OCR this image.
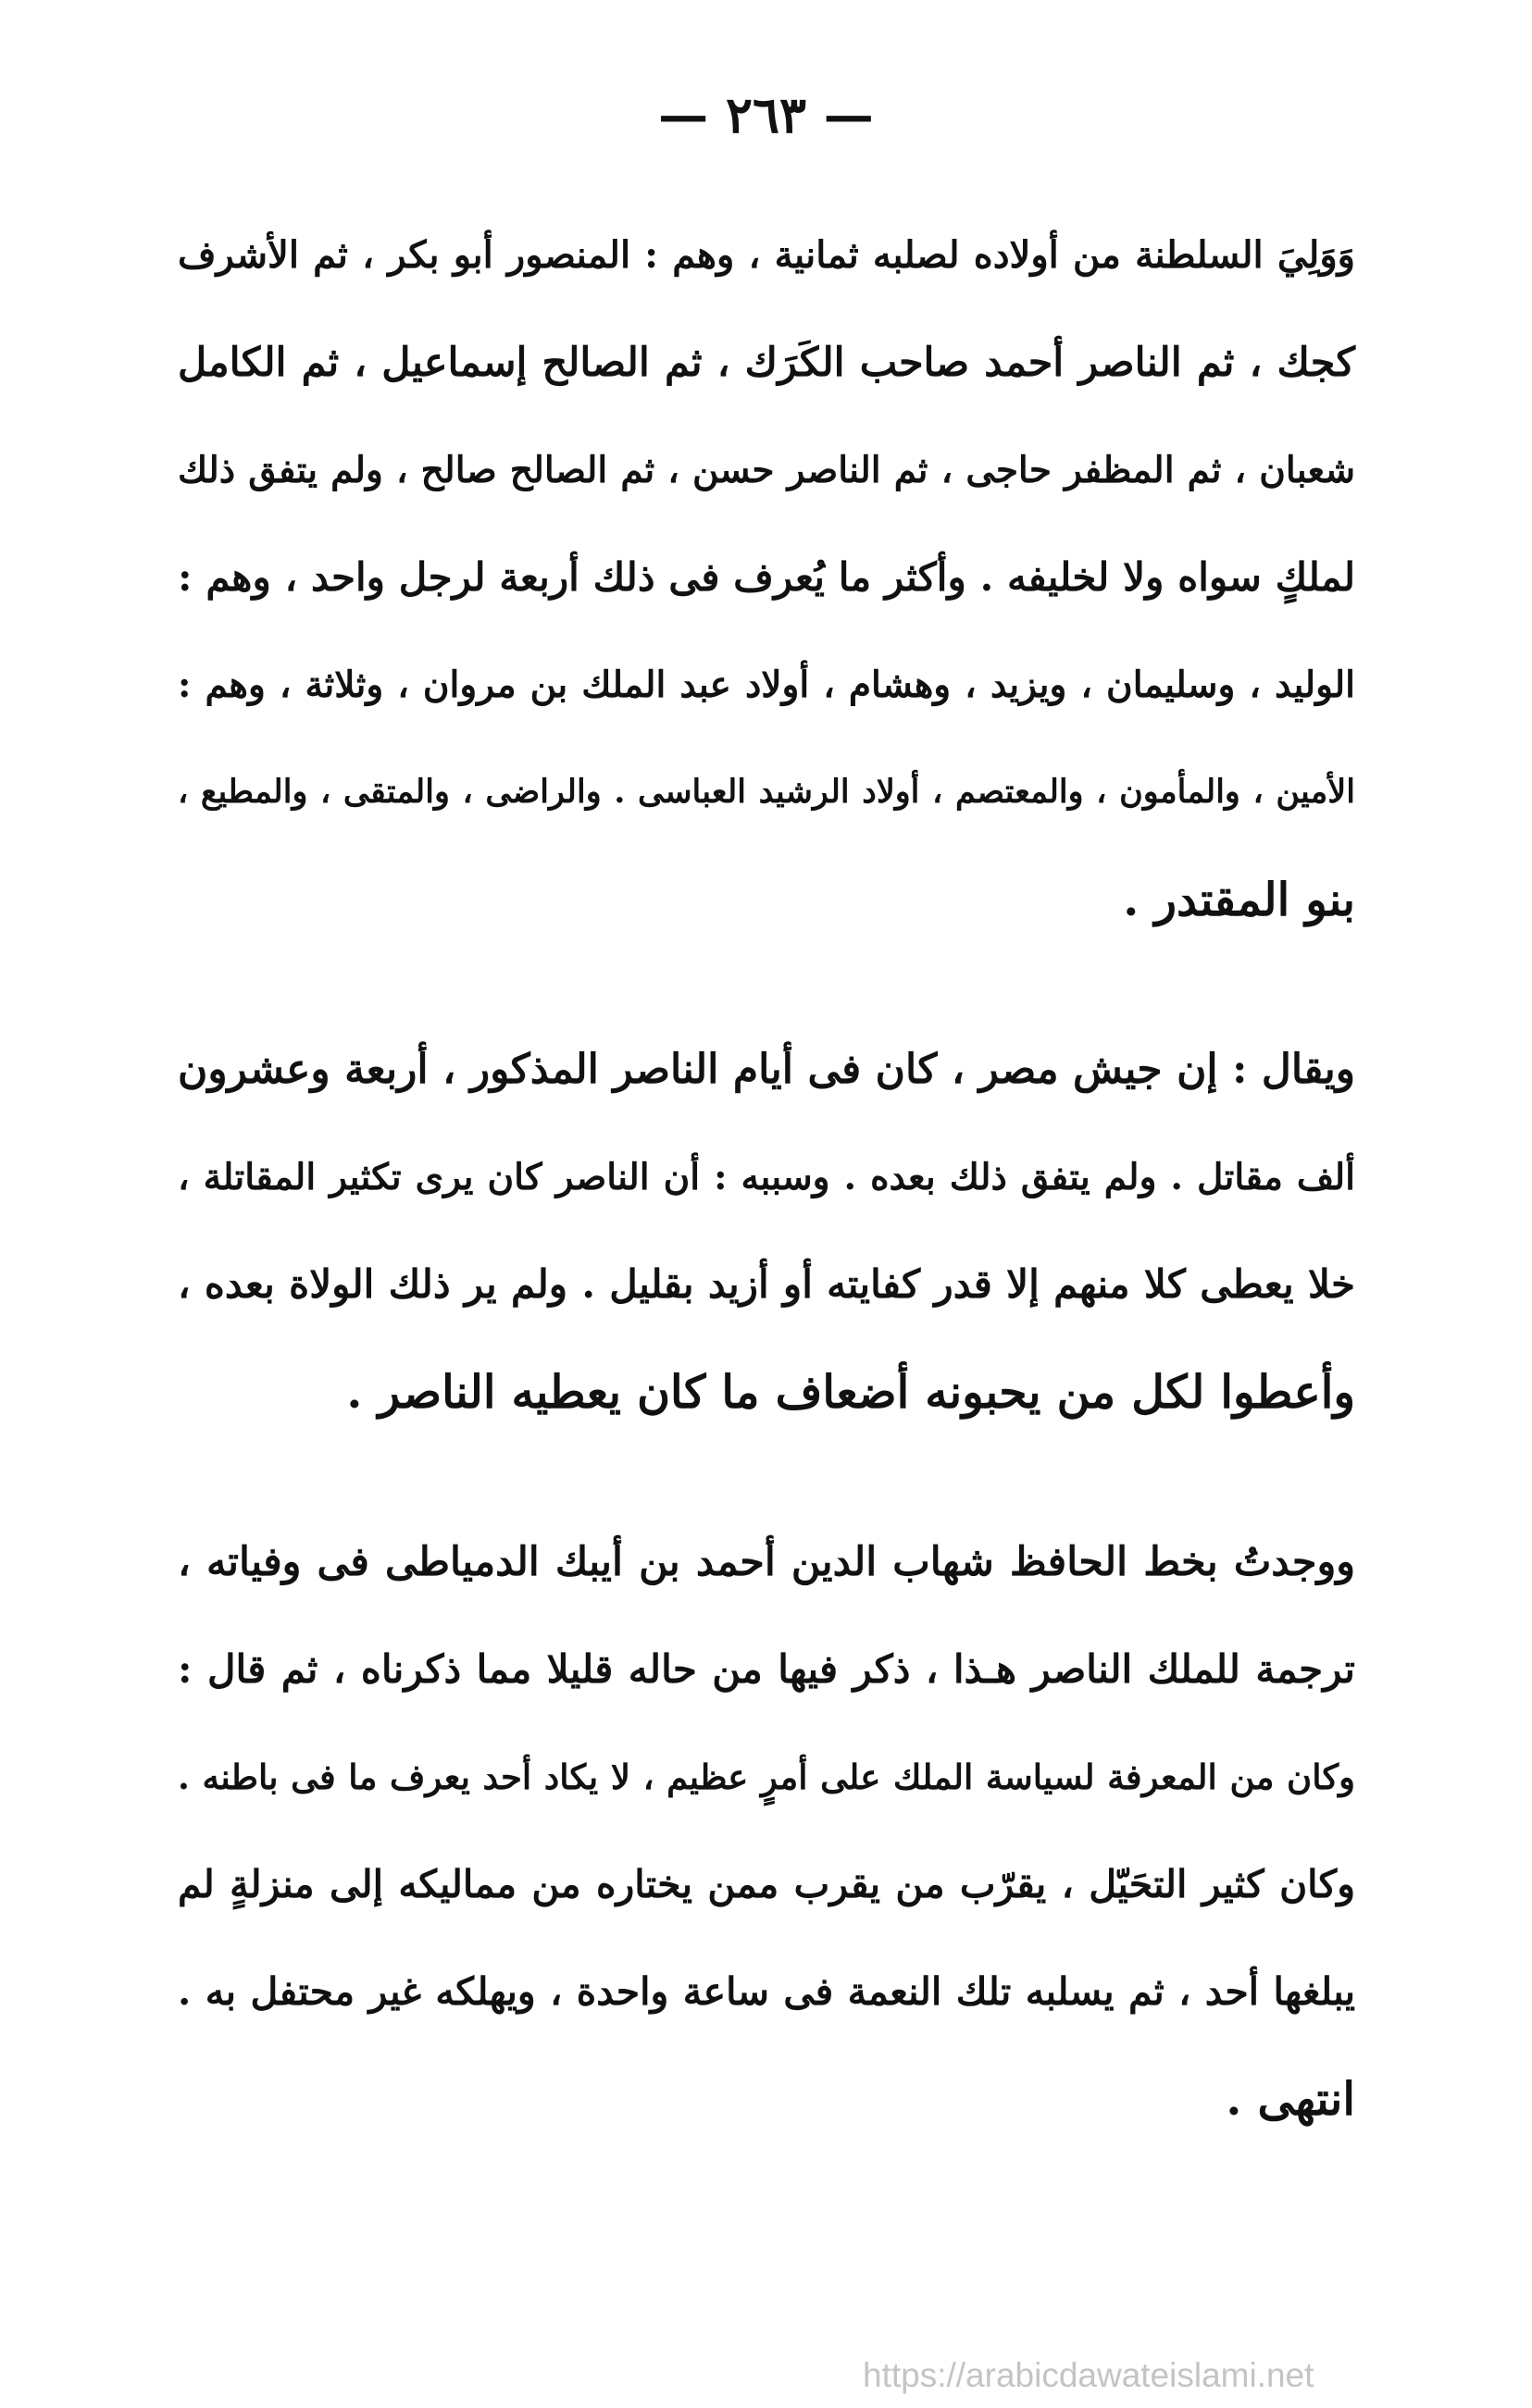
— ٢٦٣ —
وَوَلِيَ السلطنة من أولاده لصلبه ثمانية ، وهم : المنصور أبو بكر ، ثم الأشرف
كجك ، ثم الناصر أحمد صاحب الكَرَك ، ثم الصالح إسماعيل ، ثم الكامل
شعبان ، ثم المظفر حاجى ، ثم الناصر حسن ، ثم الصالح صالح ، ولم يتفق ذلك
لملكٍ سواه ولا لخليفه . وأكثر ما يُعرف فى ذلك أربعة لرجل واحد ، وهم :
الوليد ، وسليمان ، ويزيد ، وهشام ، أولاد عبد الملك بن مروان ، وثلاثة ، وهم :
الأمين ، والمأمون ، والمعتصم ، أولاد الرشيد العباسى . والراضى ، والمتقى ، والمطيع ،
بنو المقتدر .
ويقال : إن جيش مصر ، كان فى أيام الناصر المذكور ، أربعة وعشرون
ألف مقاتل . ولم يتفق ذلك بعده . وسببه : أن الناصر كان يرى تكثير المقاتلة ،
خلا يعطى كلا منهم إلا قدر كفايته أو أزيد بقليل . ولم ير ذلك الولاة بعده ،
وأعطوا لكل من يحبونه أضعاف ما كان يعطيه الناصر .
ووجدتُ بخط الحافظ شهاب الدين أحمد بن أيبك الدمياطى فى وفياته ،
ترجمة للملك الناصر هـذا ، ذكر فيها من حاله قليلا مما ذكرناه ، ثم قال :
وكان من المعرفة لسياسة الملك على أمرٍ عظيم ، لا يكاد أحد يعرف ما فى باطنه .
وكان كثير التحَيّل ، يقرّب من يقرب ممن يختاره من مماليكه إلى منزلةٍ لم
يبلغها أحد ، ثم يسلبه تلك النعمة فى ساعة واحدة ، ويهلكه غير محتفل به .
انتهى .
https://arabicdawateislami.net
